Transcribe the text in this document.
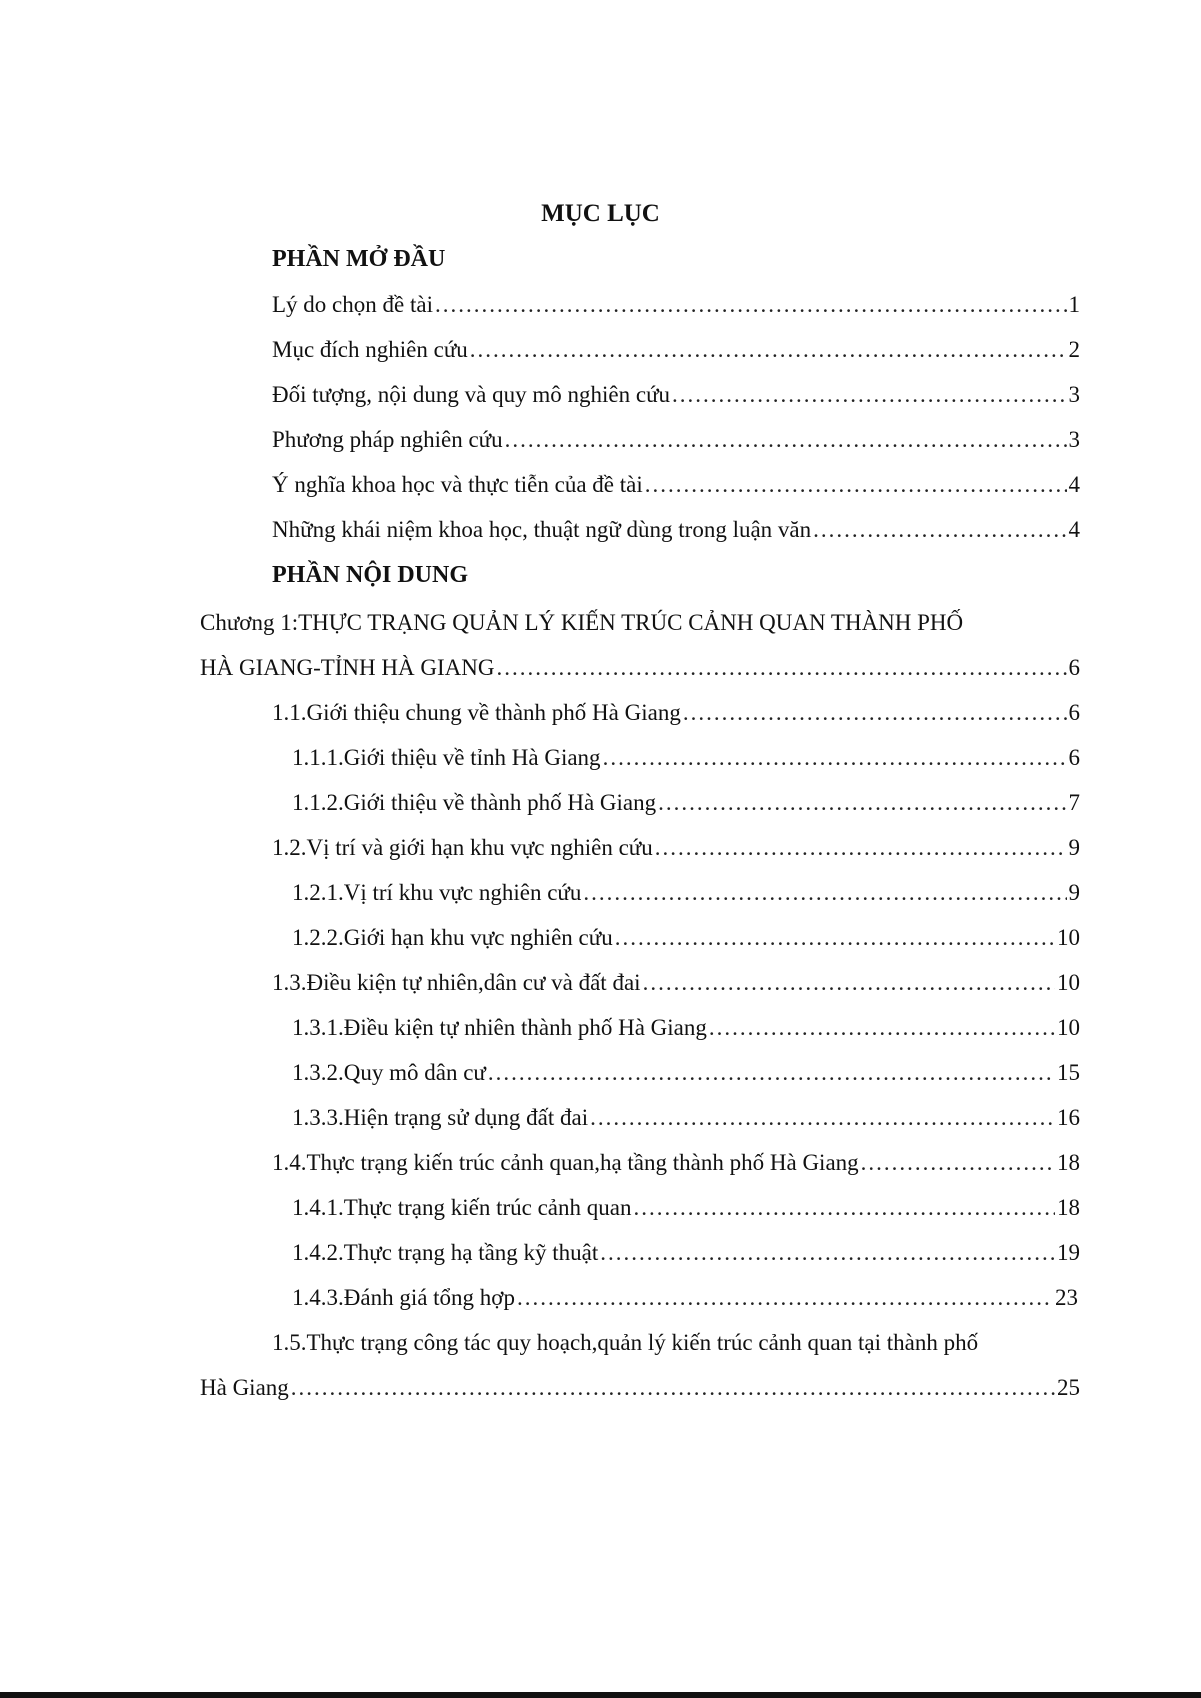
MỤC LỤC
PHẦN MỞ ĐẦU
Lý do chọn đề tài .....	1
Mục đích nghiên cứu .....	2
Đối tượng, nội dung và quy mô nghiên cứu .....	3
Phương pháp nghiên cứu .....	3
Ý nghĩa khoa học và thực tiễn của đề tài .....	4
Những khái niệm khoa học, thuật ngữ dùng trong luận văn .....	4
PHẦN NỘI DUNG
Chương 1:THỰC TRẠNG QUẢN LÝ KIẾN TRÚC CẢNH QUAN THÀNH PHỐ
HÀ GIANG-TỈNH HÀ GIANG .....	6
1.1.Giới thiệu chung về thành phố Hà Giang .....	6
1.1.1.Giới thiệu về tỉnh Hà Giang .....	6
1.1.2.Giới thiệu về thành phố Hà Giang .....	7
1.2.Vị trí và giới hạn khu vực nghiên cứu .....	9
1.2.1.Vị trí khu vực nghiên cứu .....	9
1.2.2.Giới hạn khu vực nghiên cứu .....	10
1.3.Điều kiện tự nhiên,dân cư và đất đai .....	10
1.3.1.Điều kiện tự nhiên thành phố Hà Giang .....	10
1.3.2.Quy mô dân cư .....	15
1.3.3.Hiện trạng sử dụng đất đai .....	16
1.4.Thực trạng kiến trúc cảnh quan,hạ tầng thành phố Hà Giang .....	18
1.4.1.Thực trạng kiến trúc cảnh quan .....	18
1.4.2.Thực trạng hạ tầng kỹ thuật .....	19
1.4.3.Đánh giá tổng hợp .....	23
1.5.Thực trạng công tác quy hoạch,quản lý kiến trúc cảnh quan tại thành phố
Hà Giang .....	25
